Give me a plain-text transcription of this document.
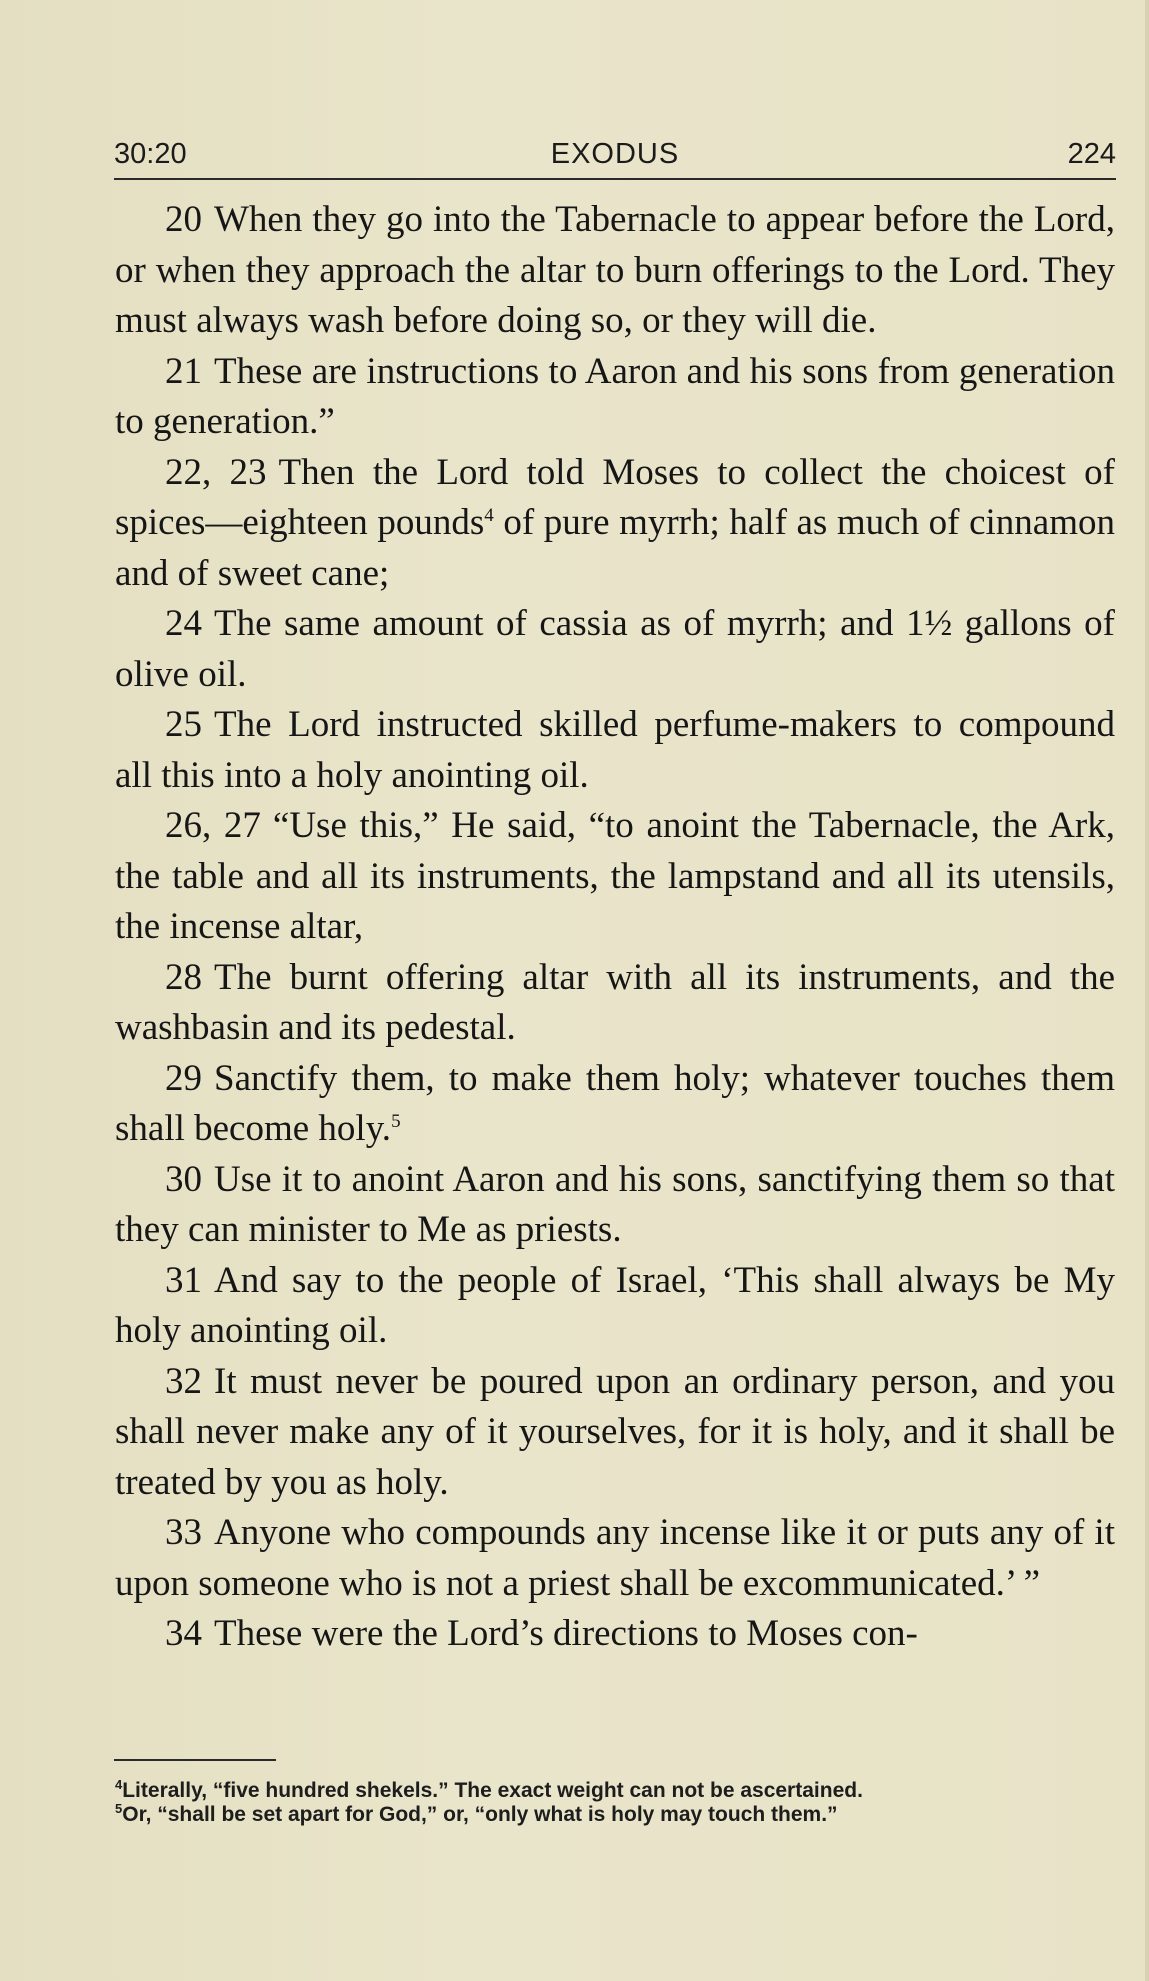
30:20	EXODUS	224

20 When they go into the Tabernacle to appear before the Lord, or when they approach the altar to burn offerings to the Lord. They must always wash before doing so, or they will die.

21 These are instructions to Aaron and his sons from generation to generation.”

22, 23 Then the Lord told Moses to collect the choicest of spices—eighteen pounds$^4$ of pure myrrh; half as much of cinnamon and of sweet cane;

24 The same amount of cassia as of myrrh; and 1½ gallons of olive oil.

25 The Lord instructed skilled perfume-makers to compound all this into a holy anointing oil.

26, 27 “Use this,” He said, “to anoint the Tabernacle, the Ark, the table and all its instruments, the lampstand and all its utensils, the incense altar,

28 The burnt offering altar with all its instruments, and the washbasin and its pedestal.

29 Sanctify them, to make them holy; whatever touches them shall become holy.$^5$

30 Use it to anoint Aaron and his sons, sanctifying them so that they can minister to Me as priests.

31 And say to the people of Israel, ‘This shall always be My holy anointing oil.

32 It must never be poured upon an ordinary person, and you shall never make any of it yourselves, for it is holy, and it shall be treated by you as holy.

33 Anyone who compounds any incense like it or puts any of it upon someone who is not a priest shall be excommunicated.’ ”

34 These were the Lord’s directions to Moses con-

$^4$Literally, “five hundred shekels.” The exact weight can not be ascertained.

$^5$Or, “shall be set apart for God,” or, “only what is holy may touch them.”
